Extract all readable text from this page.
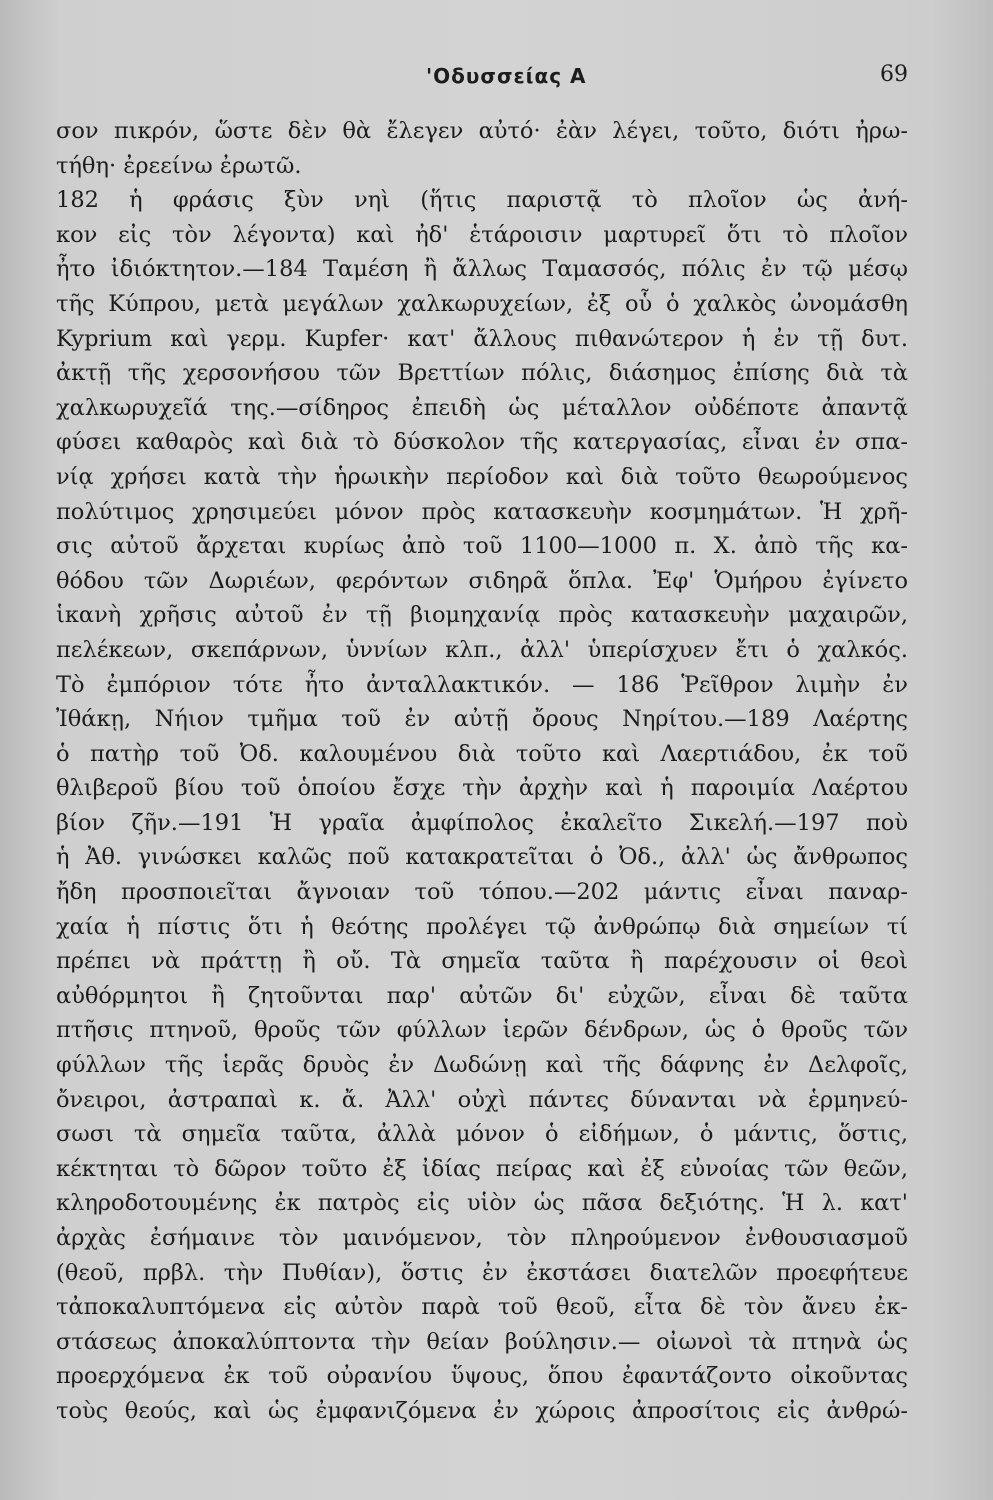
'Οδυσσείας Α	69
σον πικρόν, ὥστε δὲν θὰ ἔλεγεν αὐτό· ἐὰν λέγει, τοῦτο, διότι ἠρω-
τήθη· ἐρεείνω ἐρωτῶ.
182 ἡ φράσις ξὺν νηὶ (ἥτις παριστᾷ τὸ πλοῖον ὡς ἀνή-
κον εἰς τὸν λέγοντα) καὶ ἠδ' ἑτάροισιν μαρτυρεῖ ὅτι τὸ πλοῖον
ἦτο ἰδιόκτητον.—184 Ταμέση ἢ ἄλλως Ταμασσός, πόλις ἐν τῷ μέσῳ
τῆς Κύπρου, μετὰ μεγάλων χαλκωρυχείων, ἐξ οὗ ὁ χαλκὸς ὠνομάσθη
Kyprium καὶ γερμ. Kupfer· κατ' ἄλλους πιθανώτερον ἡ ἐν τῇ δυτ.
ἀκτῇ τῆς χερσονήσου τῶν Βρεττίων πόλις, διάσημος ἐπίσης διὰ τὰ
χαλκωρυχεῖά της.—σίδηρος ἐπειδὴ ὡς μέταλλον οὐδέποτε ἀπαντᾷ
φύσει καθαρὸς καὶ διὰ τὸ δύσκολον τῆς κατεργασίας, εἶναι ἐν σπα-
νίᾳ χρήσει κατὰ τὴν ἡρωικὴν περίοδον καὶ διὰ τοῦτο θεωρούμενος
πολύτιμος χρησιμεύει μόνον πρὸς κατασκευὴν κοσμημάτων. Ἡ χρῆ-
σις αὐτοῦ ἄρχεται κυρίως ἀπὸ τοῦ 1100—1000 π. Χ. ἀπὸ τῆς κα-
θόδου τῶν Δωριέων, φερόντων σιδηρᾶ ὅπλα. Ἐφ' Ὁμήρου ἐγίνετο
ἱκανὴ χρῆσις αὐτοῦ ἐν τῇ βιομηχανίᾳ πρὸς κατασκευὴν μαχαιρῶν,
πελέκεων, σκεπάρνων, ὑννίων κλπ., ἀλλ' ὑπερίσχυεν ἔτι ὁ χαλκός.
Τὸ ἐμπόριον τότε ἦτο ἀνταλλακτικόν. — 186 Ῥεῖθρον λιμὴν ἐν
Ἰθάκῃ, Νήιον τμῆμα τοῦ ἐν αὐτῇ ὄρους Νηρίτου.—189 Λαέρτης
ὁ πατὴρ τοῦ Ὀδ. καλουμένου διὰ τοῦτο καὶ Λαερτιάδου, ἐκ τοῦ
θλιβεροῦ βίου τοῦ ὁποίου ἔσχε τὴν ἀρχὴν καὶ ἡ παροιμία Λαέρτου
βίον ζῆν.—191 Ἡ γραῖα ἀμφίπολος ἐκαλεῖτο Σικελή.—197 ποὺ
ἡ Ἀθ. γινώσκει καλῶς ποῦ κατακρατεῖται ὁ Ὀδ., ἀλλ' ὡς ἄνθρωπος
ἤδη προσποιεῖται ἄγνοιαν τοῦ τόπου.—202 μάντις εἶναι παναρ-
χαία ἡ πίστις ὅτι ἡ θεότης προλέγει τῷ ἀνθρώπῳ διὰ σημείων τί
πρέπει νὰ πράττῃ ἢ οὔ. Τὰ σημεῖα ταῦτα ἢ παρέχουσιν οἱ θεοὶ
αὐθόρμητοι ἢ ζητοῦνται παρ' αὐτῶν δι' εὐχῶν, εἶναι δὲ ταῦτα
πτῆσις πτηνοῦ, θροῦς τῶν φύλλων ἱερῶν δένδρων, ὡς ὁ θροῦς τῶν
φύλλων τῆς ἱερᾶς δρυὸς ἐν Δωδώνῃ καὶ τῆς δάφνης ἐν Δελφοῖς,
ὄνειροι, ἀστραπαὶ κ. ἄ. Ἀλλ' οὐχὶ πάντες δύνανται νὰ ἑρμηνεύ-
σωσι τὰ σημεῖα ταῦτα, ἀλλὰ μόνον ὁ εἰδήμων, ὁ μάντις, ὅστις,
κέκτηται τὸ δῶρον τοῦτο ἐξ ἰδίας πείρας καὶ ἐξ εὐνοίας τῶν θεῶν,
κληροδοτουμένης ἐκ πατρὸς εἰς υἱὸν ὡς πᾶσα δεξιότης. Ἡ λ. κατ'
ἀρχὰς ἐσήμαινε τὸν μαινόμενον, τὸν πληρούμενον ἐνθουσιασμοῦ
(θεοῦ, πρβλ. τὴν Πυθίαν), ὅστις ἐν ἐκστάσει διατελῶν προεφήτευε
τἀποκαλυπτόμενα εἰς αὐτὸν παρὰ τοῦ θεοῦ, εἶτα δὲ τὸν ἄνευ ἐκ-
στάσεως ἀποκαλύπτοντα τὴν θείαν βούλησιν.— οἰωνοὶ τὰ πτηνὰ ὡς
προερχόμενα ἐκ τοῦ οὐρανίου ὕψους, ὅπου ἐφαντάζοντο οἰκοῦντας
τοὺς θεούς, καὶ ὡς ἐμφανιζόμενα ἐν χώροις ἀπροσίτοις εἰς ἀνθρώ-
